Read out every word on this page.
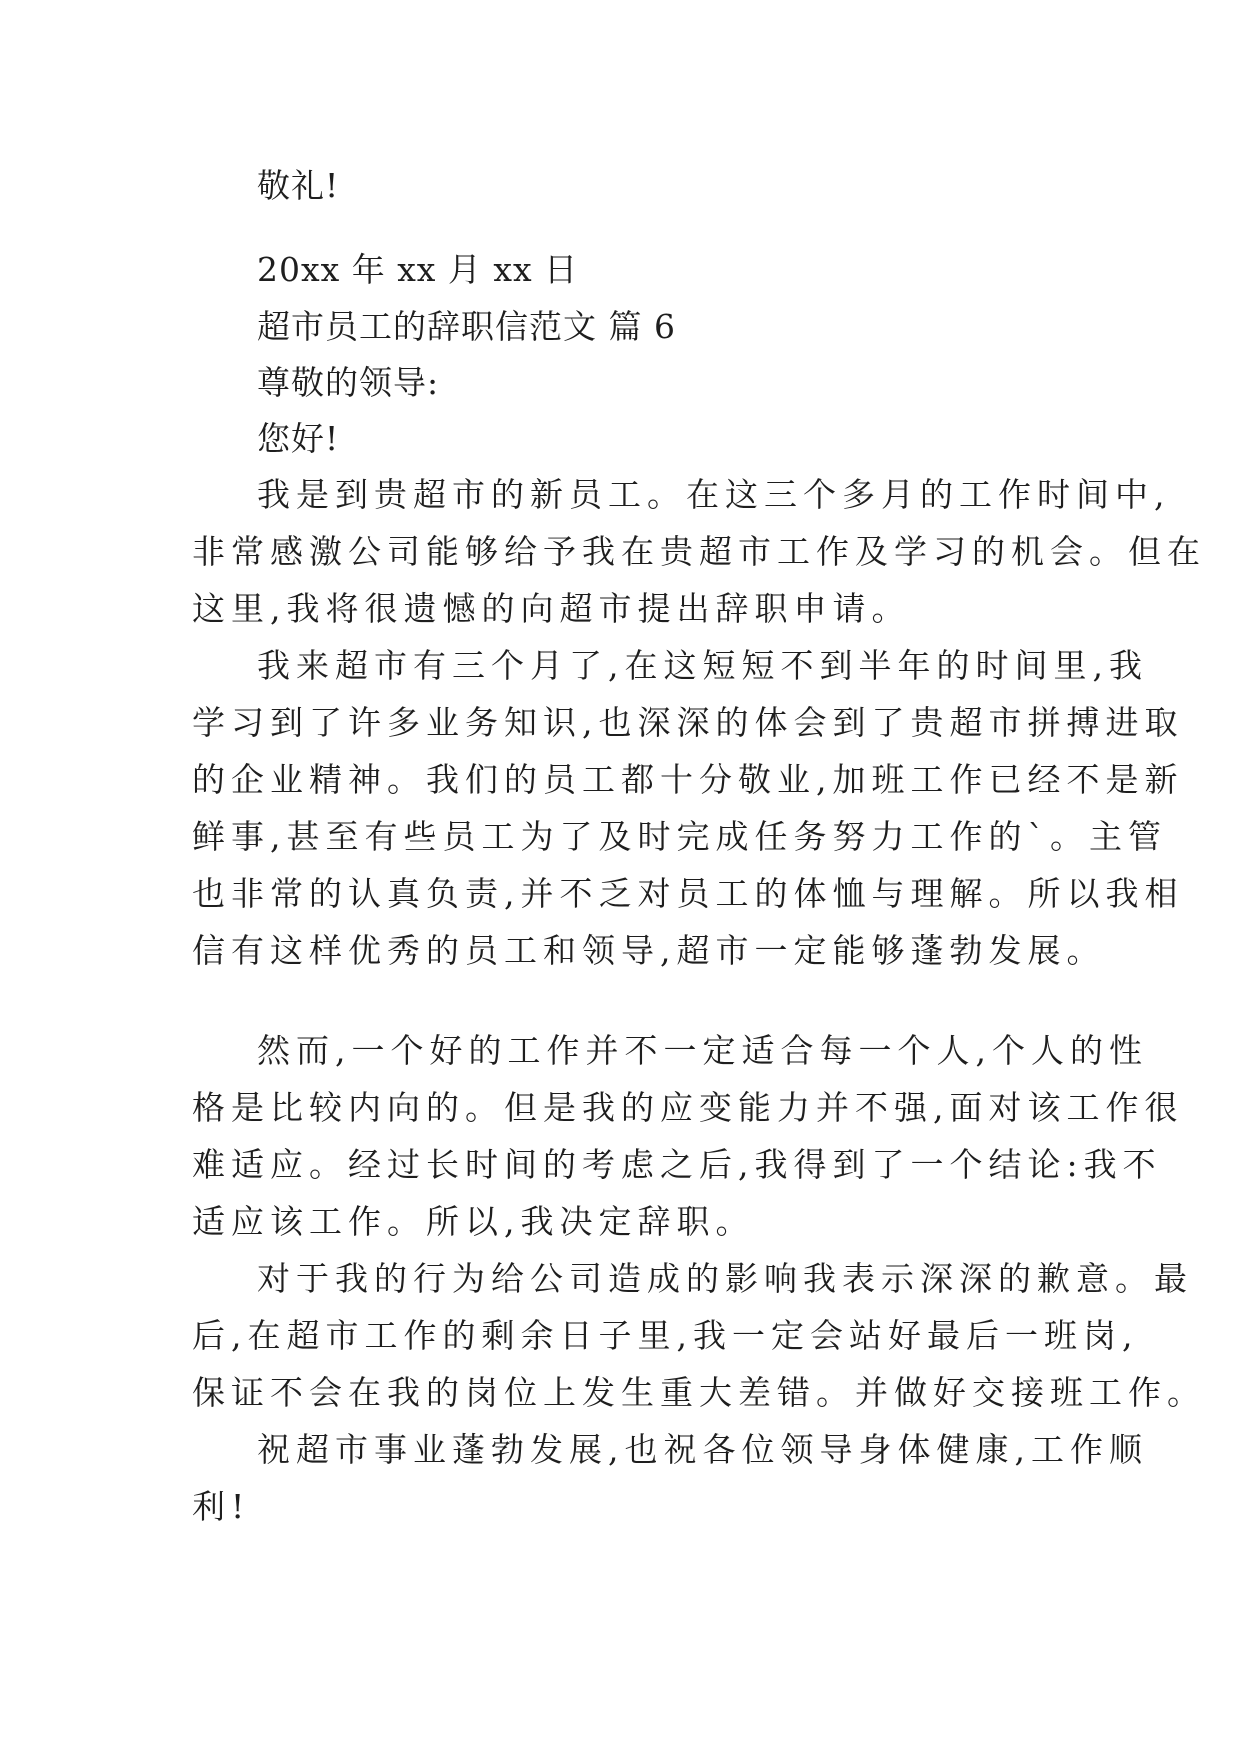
敬礼!
20xx 年 xx 月 xx 日
超市员工的辞职信范文 篇 6
尊敬的领导:
您好!
我是到贵超市的新员工。在这三个多月的工作时间中,
非常感激公司能够给予我在贵超市工作及学习的机会。但在
这里,我将很遗憾的向超市提出辞职申请。
我来超市有三个月了,在这短短不到半年的时间里,我
学习到了许多业务知识,也深深的体会到了贵超市拼搏进取
的企业精神。我们的员工都十分敬业,加班工作已经不是新
鲜事,甚至有些员工为了及时完成任务努力工作的`。主管
也非常的认真负责,并不乏对员工的体恤与理解。所以我相
信有这样优秀的员工和领导,超市一定能够蓬勃发展。
然而,一个好的工作并不一定适合每一个人,个人的性
格是比较内向的。但是我的应变能力并不强,面对该工作很
难适应。经过长时间的考虑之后,我得到了一个结论:我不
适应该工作。所以,我决定辞职。
对于我的行为给公司造成的影响我表示深深的歉意。最
后,在超市工作的剩余日子里,我一定会站好最后一班岗,
保证不会在我的岗位上发生重大差错。并做好交接班工作。
祝超市事业蓬勃发展,也祝各位领导身体健康,工作顺
利!
